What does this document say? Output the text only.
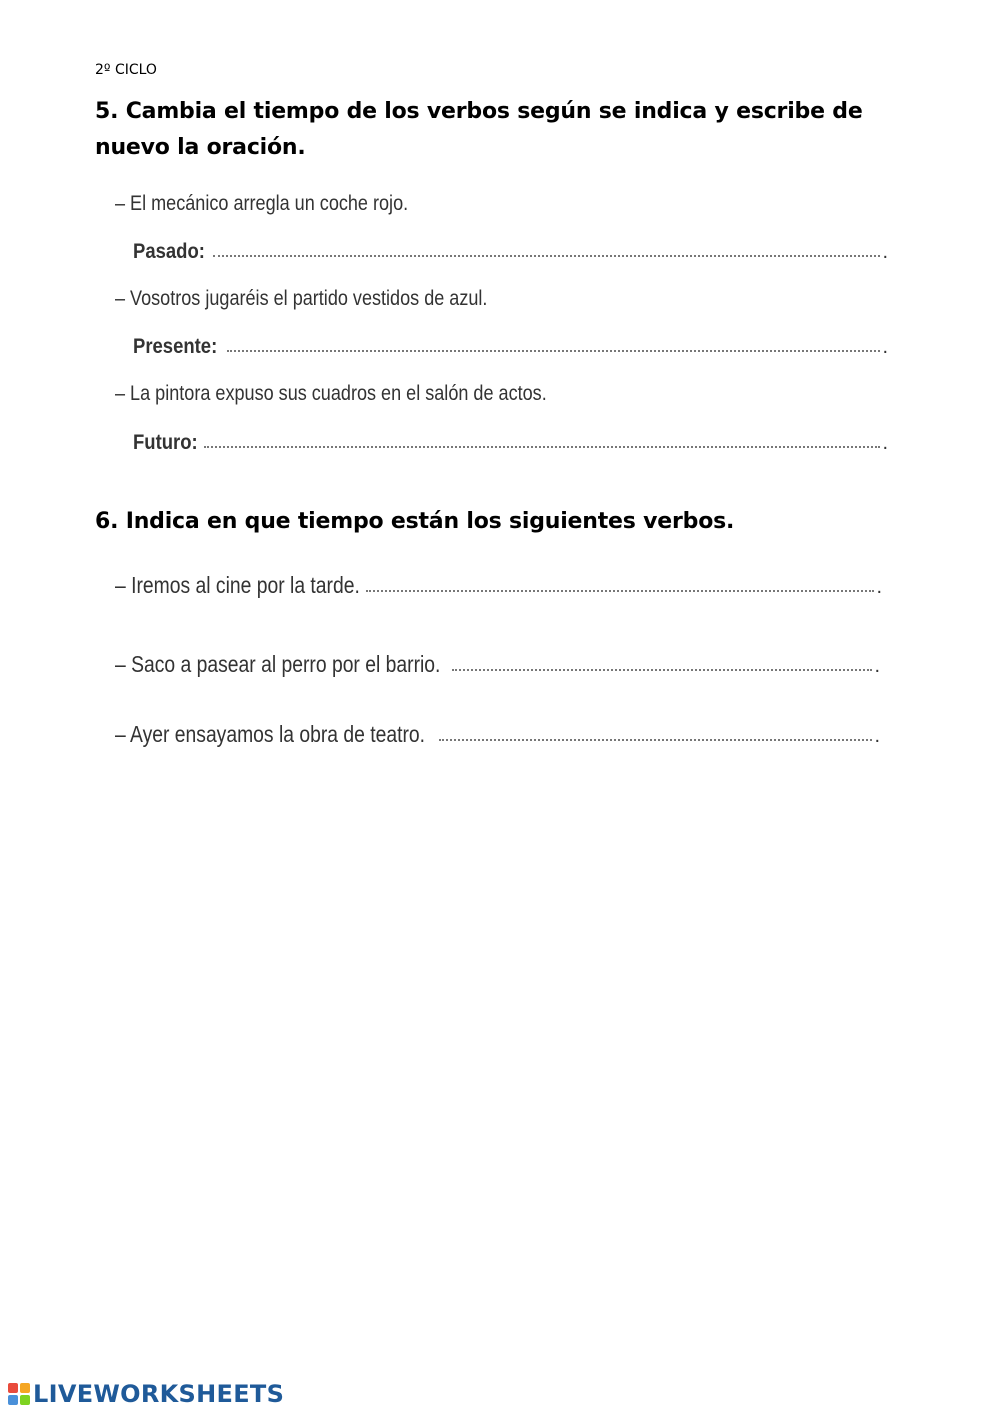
2º CICLO
5. Cambia el tiempo de los verbos según se indica y escribe de nuevo la oración.
– El mecánico arregla un coche rojo.
Pasado:	.
– Vosotros jugaréis el partido vestidos de azul.
Presente:	.
– La pintora expuso sus cuadros en el salón de actos.
Futuro:	.
6. Indica en que tiempo están los siguientes verbos.
– Iremos al cine por la tarde.	.
– Saco a pasear al perro por el barrio.	.
– Ayer ensayamos la obra de teatro.	.
LIVEWORKSHEETS
